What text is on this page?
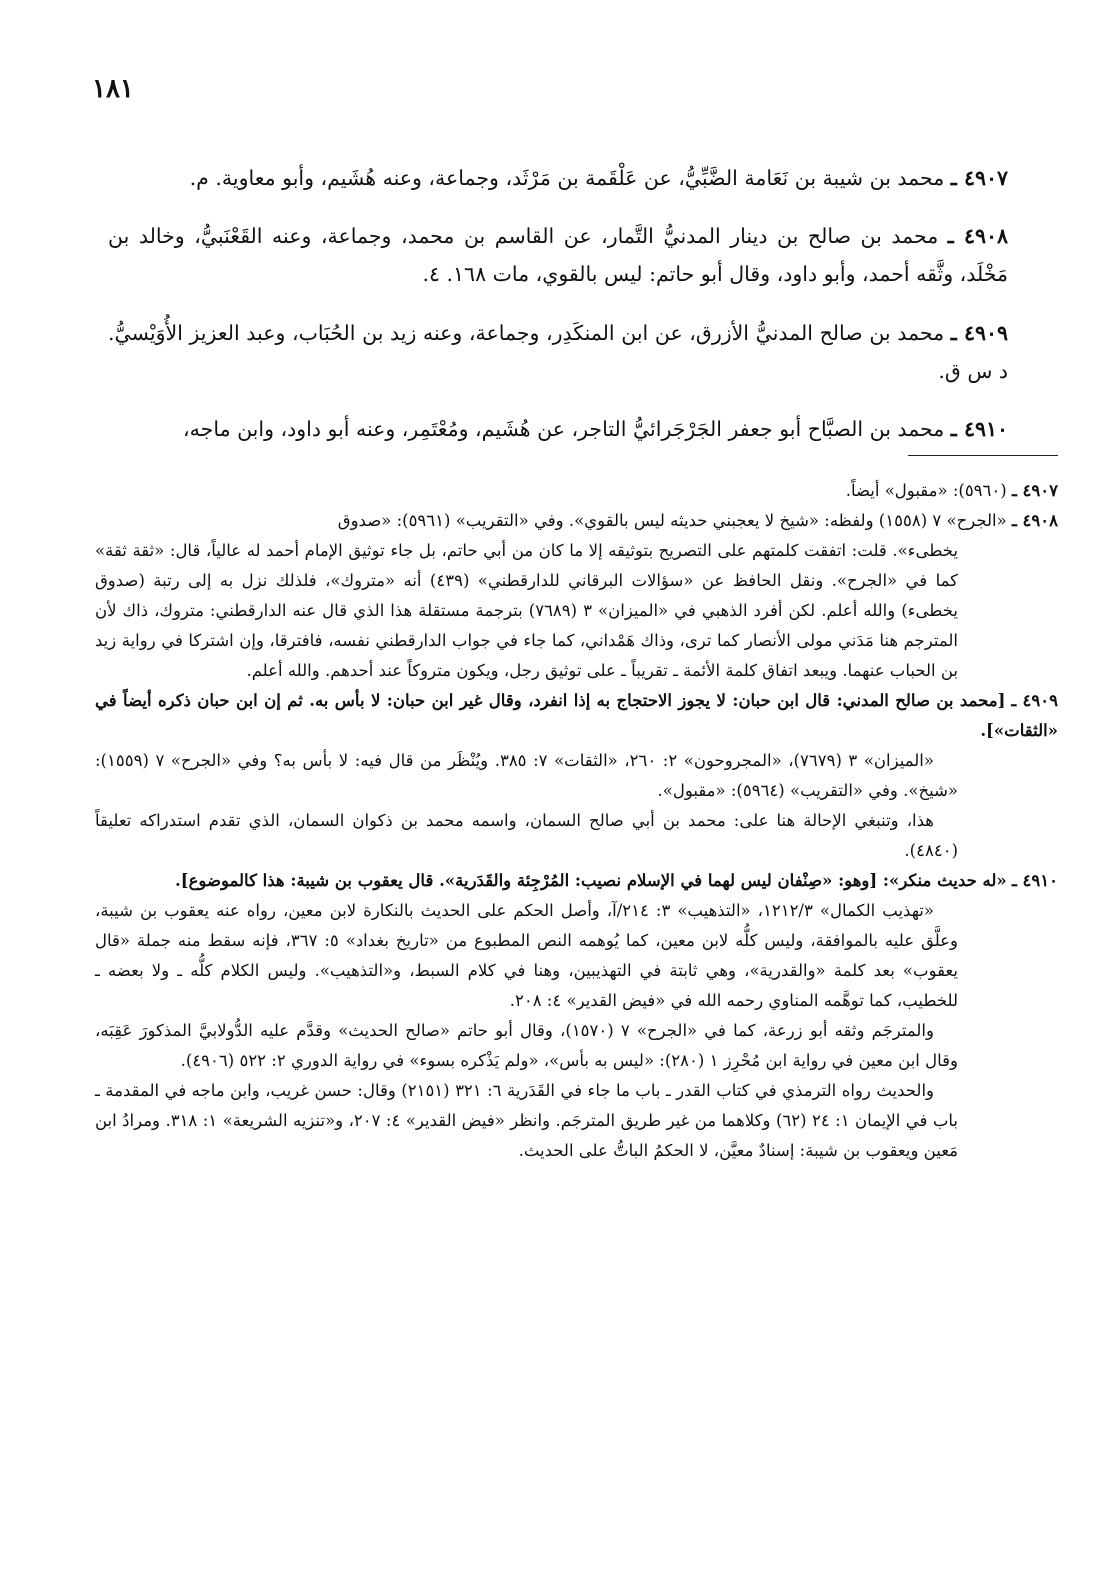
١٨١

٤٩٠٧ ـ محمد بن شيبة بن نَعَامة الضَّبِّيُّ، عن عَلْقَمة بن مَرْثَد، وجماعة، وعنه هُشَيم، وأبو معاوية. م.

٤٩٠٨ ـ محمد بن صالح بن دينار المدنيُّ التَّمار، عن القاسم بن محمد، وجماعة، وعنه القَعْنَبيُّ، وخالد بن مَخْلَد، وثَّقه أحمد، وأبو داود، وقال أبو حاتم: ليس بالقوي، مات ١٦٨. ٤.

٤٩٠٩ ـ محمد بن صالح المدنيُّ الأزرق، عن ابن المنكَدِر، وجماعة، وعنه زيد بن الحُبَاب، وعبد العزيز الأُوَيْسيُّ. د س ق.

٤٩١٠ ـ محمد بن الصبَّاح أبو جعفر الجَرْجَرائيُّ التاجر، عن هُشَيم، ومُعْتَمِر، وعنه أبو داود، وابن ماجه،

٤٩٠٧ ـ (٥٩٦٠): «مقبول» أيضاً.

٤٩٠٨ ـ «الجرح» ٧ (١٥٥٨) ولفظه: «شيخ لا يعجبني حديثه ليس بالقوي». وفي «التقريب» (٥٩٦١): «صدوق

يخطىء». قلت: اتفقت كلمتهم على التصريح بتوثيقه إلا ما كان من أبي حاتم، بل جاء توثيق الإمام أحمد له عالياً، قال: «ثقة ثقة» كما في «الجرح». ونقل الحافظ عن «سؤالات البرقاني للدارقطني» (٤٣٩) أنه «متروك»، فلذلك نزل به إلى رتبة (صدوق يخطىء) والله أعلم. لكن أفرد الذهبي في «الميزان» ٣ (٧٦٨٩) بترجمة مستقلة هذا الذي قال عنه الدارقطني: متروك، ذاك لأن المترجم هنا مَدَني مولى الأنصار كما ترى، وذاك هَمْداني، كما جاء في جواب الدارقطني نفسه، فافترقا، وإن اشتركا في رواية زيد بن الحباب عنهما. ويبعد اتفاق كلمة الأئمة ـ تقريباً ـ على توثيق رجل، ويكون متروكاً عند أحدهم. والله أعلم.

٤٩٠٩ ـ [محمد بن صالح المدني: قال ابن حبان: لا يجوز الاحتجاج به إذا انفرد، وقال غير ابن حبان: لا بأس به. ثم إن ابن حبان ذكره أيضاً في «الثقات»].

«الميزان» ٣ (٧٦٧٩)، «المجروحون» ٢: ٢٦٠، «الثقات» ٧: ٣٨٥. ويُنْظَر من قال فيه: لا بأس به؟ وفي «الجرح» ٧ (١٥٥٩): «شيخ». وفي «التقريب» (٥٩٦٤): «مقبول».

هذا، وتنبغي الإحالة هنا على: محمد بن أبي صالح السمان، واسمه محمد بن ذكوان السمان، الذي تقدم استدراكه تعليقاً (٤٨٤٠).

٤٩١٠ ـ «له حديث منكر»: [وهو: «صِنْفان ليس لهما في الإسلام نصيب: المُرْجِئة والقَدَرية». قال يعقوب بن شيبة: هذا كالموضوع].

«تهذيب الكمال» ١٢١٢/٣، «التذهيب» ٣: ٢١٤/آ، وأصل الحكم على الحديث بالنكارة لابن معين، رواه عنه يعقوب بن شيبة، وعلَّق عليه بالموافقة، وليس كلُّه لابن معين، كما يُوهمه النص المطبوع من «تاريخ بغداد» ٥: ٣٦٧، فإنه سقط منه جملة «قال يعقوب» بعد كلمة «والقدرية»، وهي ثابتة في التهذيبين، وهنا في كلام السبط، و«التذهيب». وليس الكلام كلُّه ـ ولا بعضه ـ للخطيب، كما توهَّمه المناوي رحمه الله في «فيض القدير» ٤: ٢٠٨.

والمترجَم وثقه أبو زرعة، كما في «الجرح» ٧ (١٥٧٠)، وقال أبو حاتم «صالح الحديث» وقدَّم عليه الدُّولابيَّ المذكورَ عَقِبَه، وقال ابن معين في رواية ابن مُحْرِز ١ (٢٨٠): «ليس به بأس»، «ولم يَذْكره بسوء» في رواية الدوري ٢: ٥٢٢ (٤٩٠٦).

والحديث رواه الترمذي في كتاب القدر ـ باب ما جاء في القَدَرية ٦: ٣٢١ (٢١٥١) وقال: حسن غريب، وابن ماجه في المقدمة ـ باب في الإيمان ١: ٢٤ (٦٢) وكلاهما من غير طريق المترجَم. وانظر «فيض القدير» ٤: ٢٠٧، و«تنزيه الشريعة» ١: ٣١٨. ومرادُ ابن مَعين ويعقوب بن شيبة: إسنادٌ معيَّن، لا الحكمُ الباتُّ على الحديث.
